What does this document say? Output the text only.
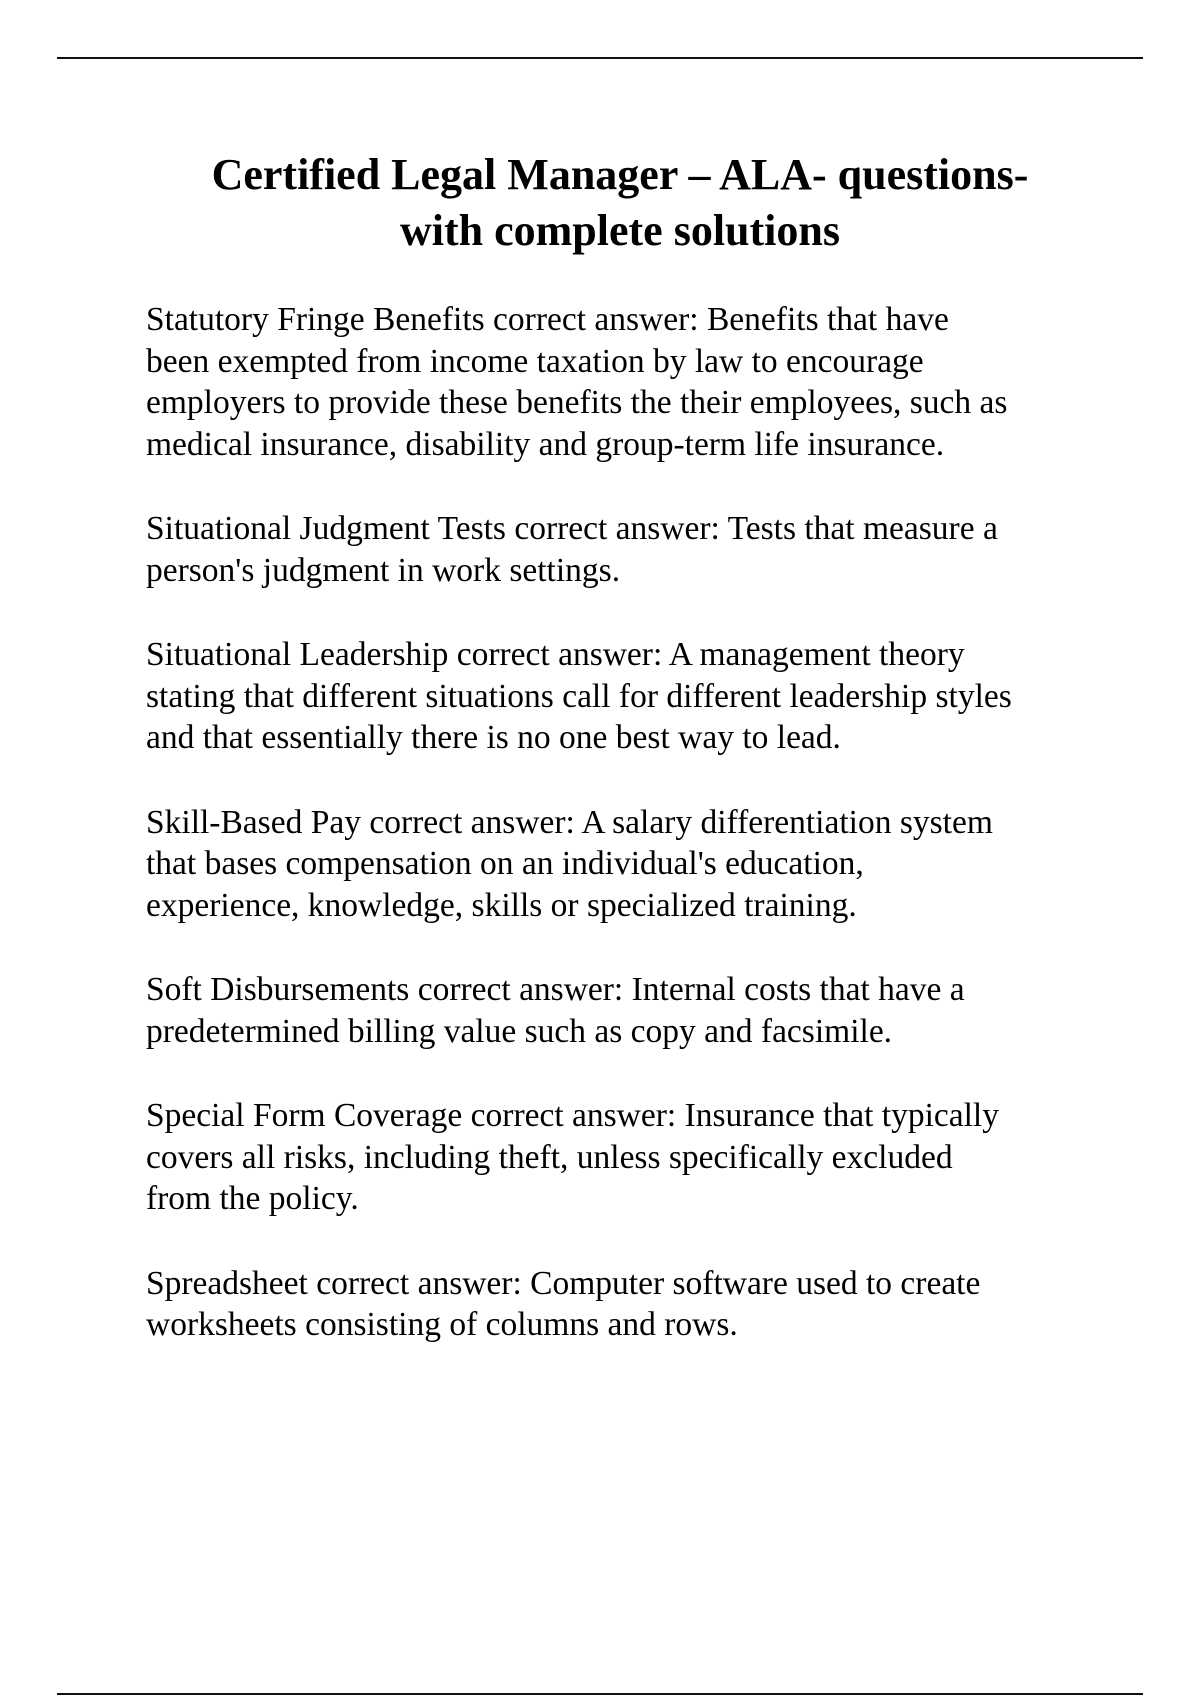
Certified Legal Manager – ALA- questions-
with complete solutions

Statutory Fringe Benefits correct answer: Benefits that have
been exempted from income taxation by law to encourage
employers to provide these benefits the their employees, such as
medical insurance, disability and group-term life insurance.

Situational Judgment Tests correct answer: Tests that measure a
person's judgment in work settings.

Situational Leadership correct answer: A management theory
stating that different situations call for different leadership styles
and that essentially there is no one best way to lead.

Skill-Based Pay correct answer: A salary differentiation system
that bases compensation on an individual's education,
experience, knowledge, skills or specialized training.

Soft Disbursements correct answer: Internal costs that have a
predetermined billing value such as copy and facsimile.

Special Form Coverage correct answer: Insurance that typically
covers all risks, including theft, unless specifically excluded
from the policy.

Spreadsheet correct answer: Computer software used to create
worksheets consisting of columns and rows.
